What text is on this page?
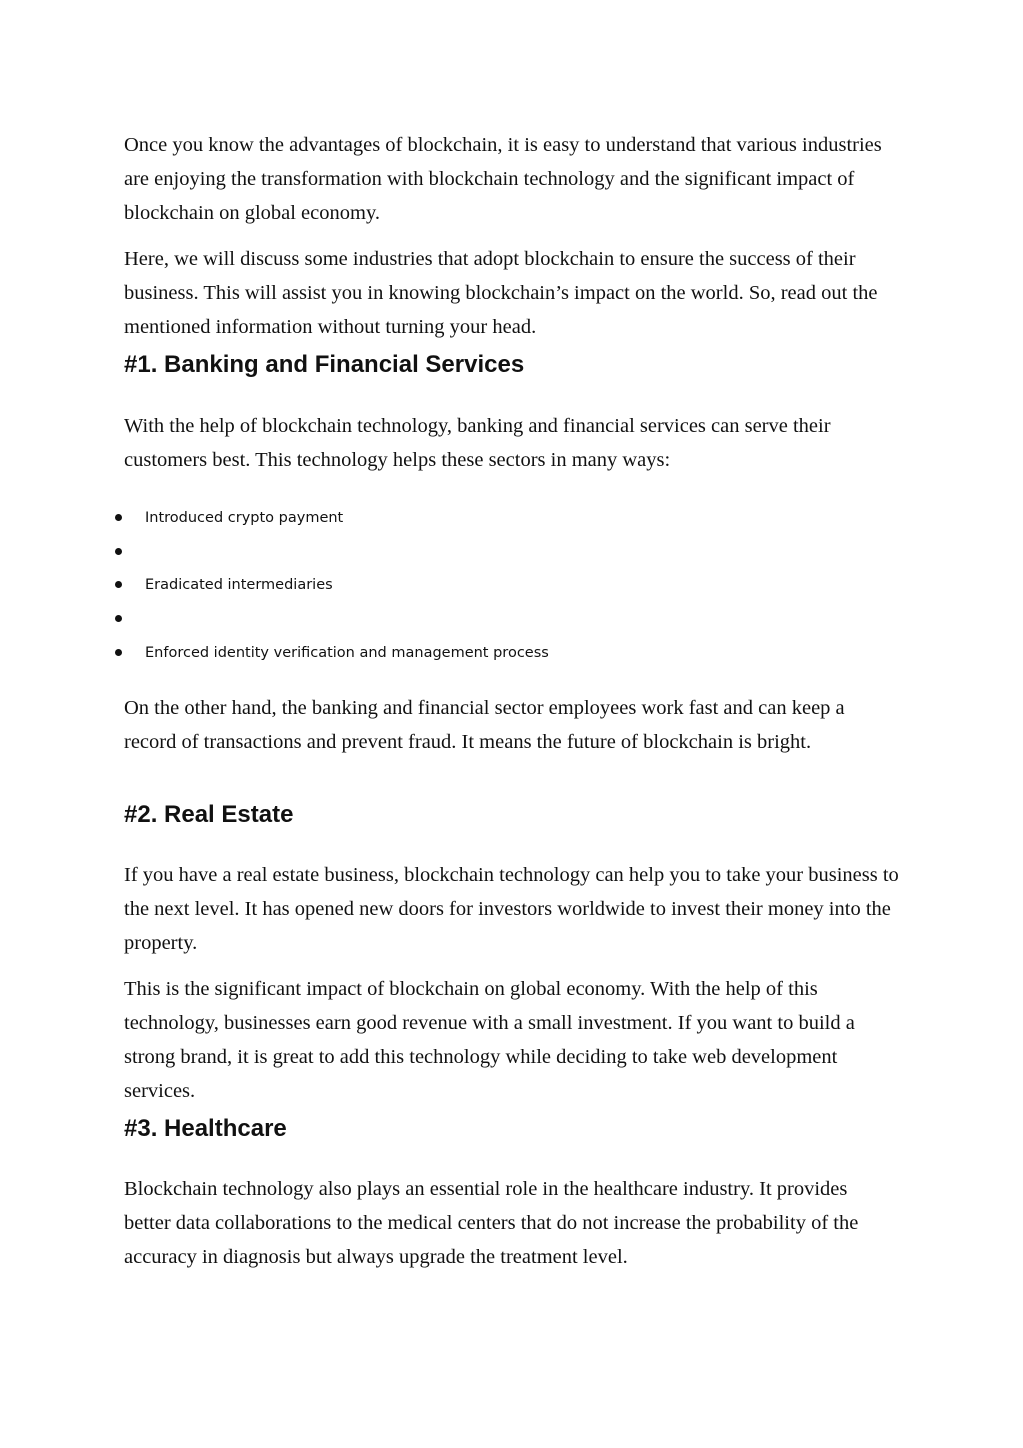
Once you know the advantages of blockchain, it is easy to understand that various industries are enjoying the transformation with blockchain technology and the significant impact of blockchain on global economy.

Here, we will discuss some industries that adopt blockchain to ensure the success of their business. This will assist you in knowing blockchain’s impact on the world. So, read out the mentioned information without turning your head.

#1. Banking and Financial Services

With the help of blockchain technology, banking and financial services can serve their customers best. This technology helps these sectors in many ways:

Introduced crypto payment
Eradicated intermediaries
Enforced identity verification and management process

On the other hand, the banking and financial sector employees work fast and can keep a record of transactions and prevent fraud. It means the future of blockchain is bright.

#2. Real Estate

If you have a real estate business, blockchain technology can help you to take your business to the next level. It has opened new doors for investors worldwide to invest their money into the property.

This is the significant impact of blockchain on global economy. With the help of this technology, businesses earn good revenue with a small investment. If you want to build a strong brand, it is great to add this technology while deciding to take web development services.

#3. Healthcare

Blockchain technology also plays an essential role in the healthcare industry. It provides better data collaborations to the medical centers that do not increase the probability of the accuracy in diagnosis but always upgrade the treatment level.
